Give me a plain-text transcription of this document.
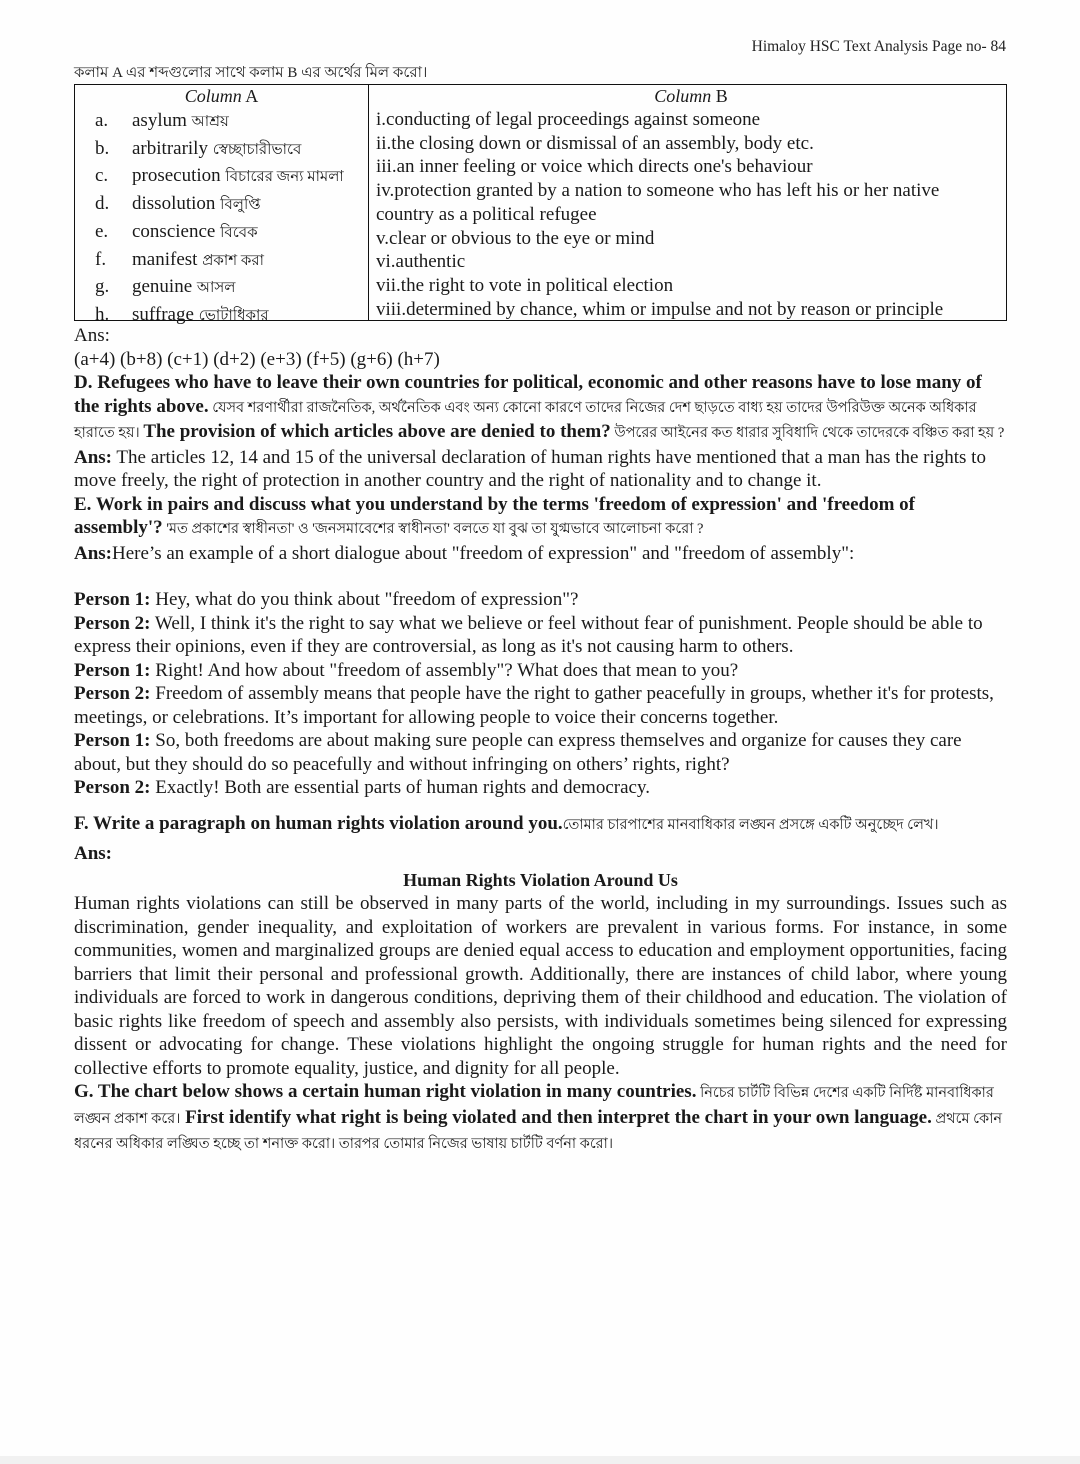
Himaloy HSC Text Analysis Page no- 84
কলাম A এর শব্দগুলোর সাথে কলাম B এর অর্থের মিল করো।
Column A
a.	asylum আশ্রয়
b.	arbitrarily স্বেচ্ছাচারীভাবে
c.	prosecution বিচারের জন্য মামলা
d.	dissolution বিলুপ্তি
e.	conscience বিবেক
f.	manifest প্রকাশ করা
g.	genuine আসল
h.	suffrage ভোটাধিকার
Column B
i.conducting of legal proceedings against someone
ii.the closing down or dismissal of an assembly, body etc.
iii.an inner feeling or voice which directs one's behaviour
iv.protection granted by a nation to someone who has left his or her native
country as a political refugee
v.clear or obvious to the eye or mind
vi.authentic
vii.the right to vote in political election
viii.determined by chance, whim or impulse and not by reason or principle

Ans:

(a+4) (b+8) (c+1) (d+2) (e+3) (f+5) (g+6) (h+7)

D. Refugees who have to leave their own countries for political, economic and other reasons have to lose many of the rights above. যেসব শরণার্থীরা রাজনৈতিক, অর্থনৈতিক এবং অন্য কোনো কারণে তাদের নিজের দেশ ছাড়তে বাধ্য হয় তাদের উপরিউক্ত অনেক অধিকার হারাতে হয়। The provision of which articles above are denied to them? উপরের আইনের কত ধারার সুবিধাদি থেকে তাদেরকে বঞ্চিত করা হয় ?

Ans: The articles 12, 14 and 15 of the universal declaration of human rights have mentioned that a man has the rights to move freely, the right of protection in another country and the right of nationality and to change it.

E. Work in pairs and discuss what you understand by the terms 'freedom of expression' and 'freedom of assembly'? 'মত প্রকাশের স্বাধীনতা' ও 'জনসমাবেশের স্বাধীনতা' বলতে যা বুঝ তা যুগ্মভাবে আলোচনা করো ?

Ans:Here’s an example of a short dialogue about "freedom of expression" and "freedom of assembly":

Person 1: Hey, what do you think about "freedom of expression"?

Person 2: Well, I think it's the right to say what we believe or feel without fear of punishment. People should be able to express their opinions, even if they are controversial, as long as it's not causing harm to others.

Person 1: Right! And how about "freedom of assembly"? What does that mean to you?

Person 2: Freedom of assembly means that people have the right to gather peacefully in groups, whether it's for protests, meetings, or celebrations. It’s important for allowing people to voice their concerns together.

Person 1: So, both freedoms are about making sure people can express themselves and organize for causes they care about, but they should do so peacefully and without infringing on others’ rights, right?

Person 2: Exactly! Both are essential parts of human rights and democracy.

F. Write a paragraph on human rights violation around you.তোমার চারপাশের মানবাধিকার লঙ্ঘন প্রসঙ্গে একটি অনুচ্ছেদ লেখ।

Ans:

Human Rights Violation Around Us

Human rights violations can still be observed in many parts of the world, including in my surroundings. Issues such as discrimination, gender inequality, and exploitation of workers are prevalent in various forms. For instance, in some communities, women and marginalized groups are denied equal access to education and employment opportunities, facing barriers that limit their personal and professional growth. Additionally, there are instances of child labor, where young individuals are forced to work in dangerous conditions, depriving them of their childhood and education. The violation of basic rights like freedom of speech and assembly also persists, with individuals sometimes being silenced for expressing dissent or advocating for change. These violations highlight the ongoing struggle for human rights and the need for collective efforts to promote equality, justice, and dignity for all people.

G. The chart below shows a certain human right violation in many countries. নিচের চার্টটি বিভিন্ন দেশের একটি নির্দিষ্ট মানবাধিকার লঙ্ঘন প্রকাশ করে। First identify what right is being violated and then interpret the chart in your own language. প্রথমে কোন ধরনের অধিকার লঙ্ঘিত হচ্ছে তা শনাক্ত করো। তারপর তোমার নিজের ভাষায় চার্টটি বর্ণনা করো।
